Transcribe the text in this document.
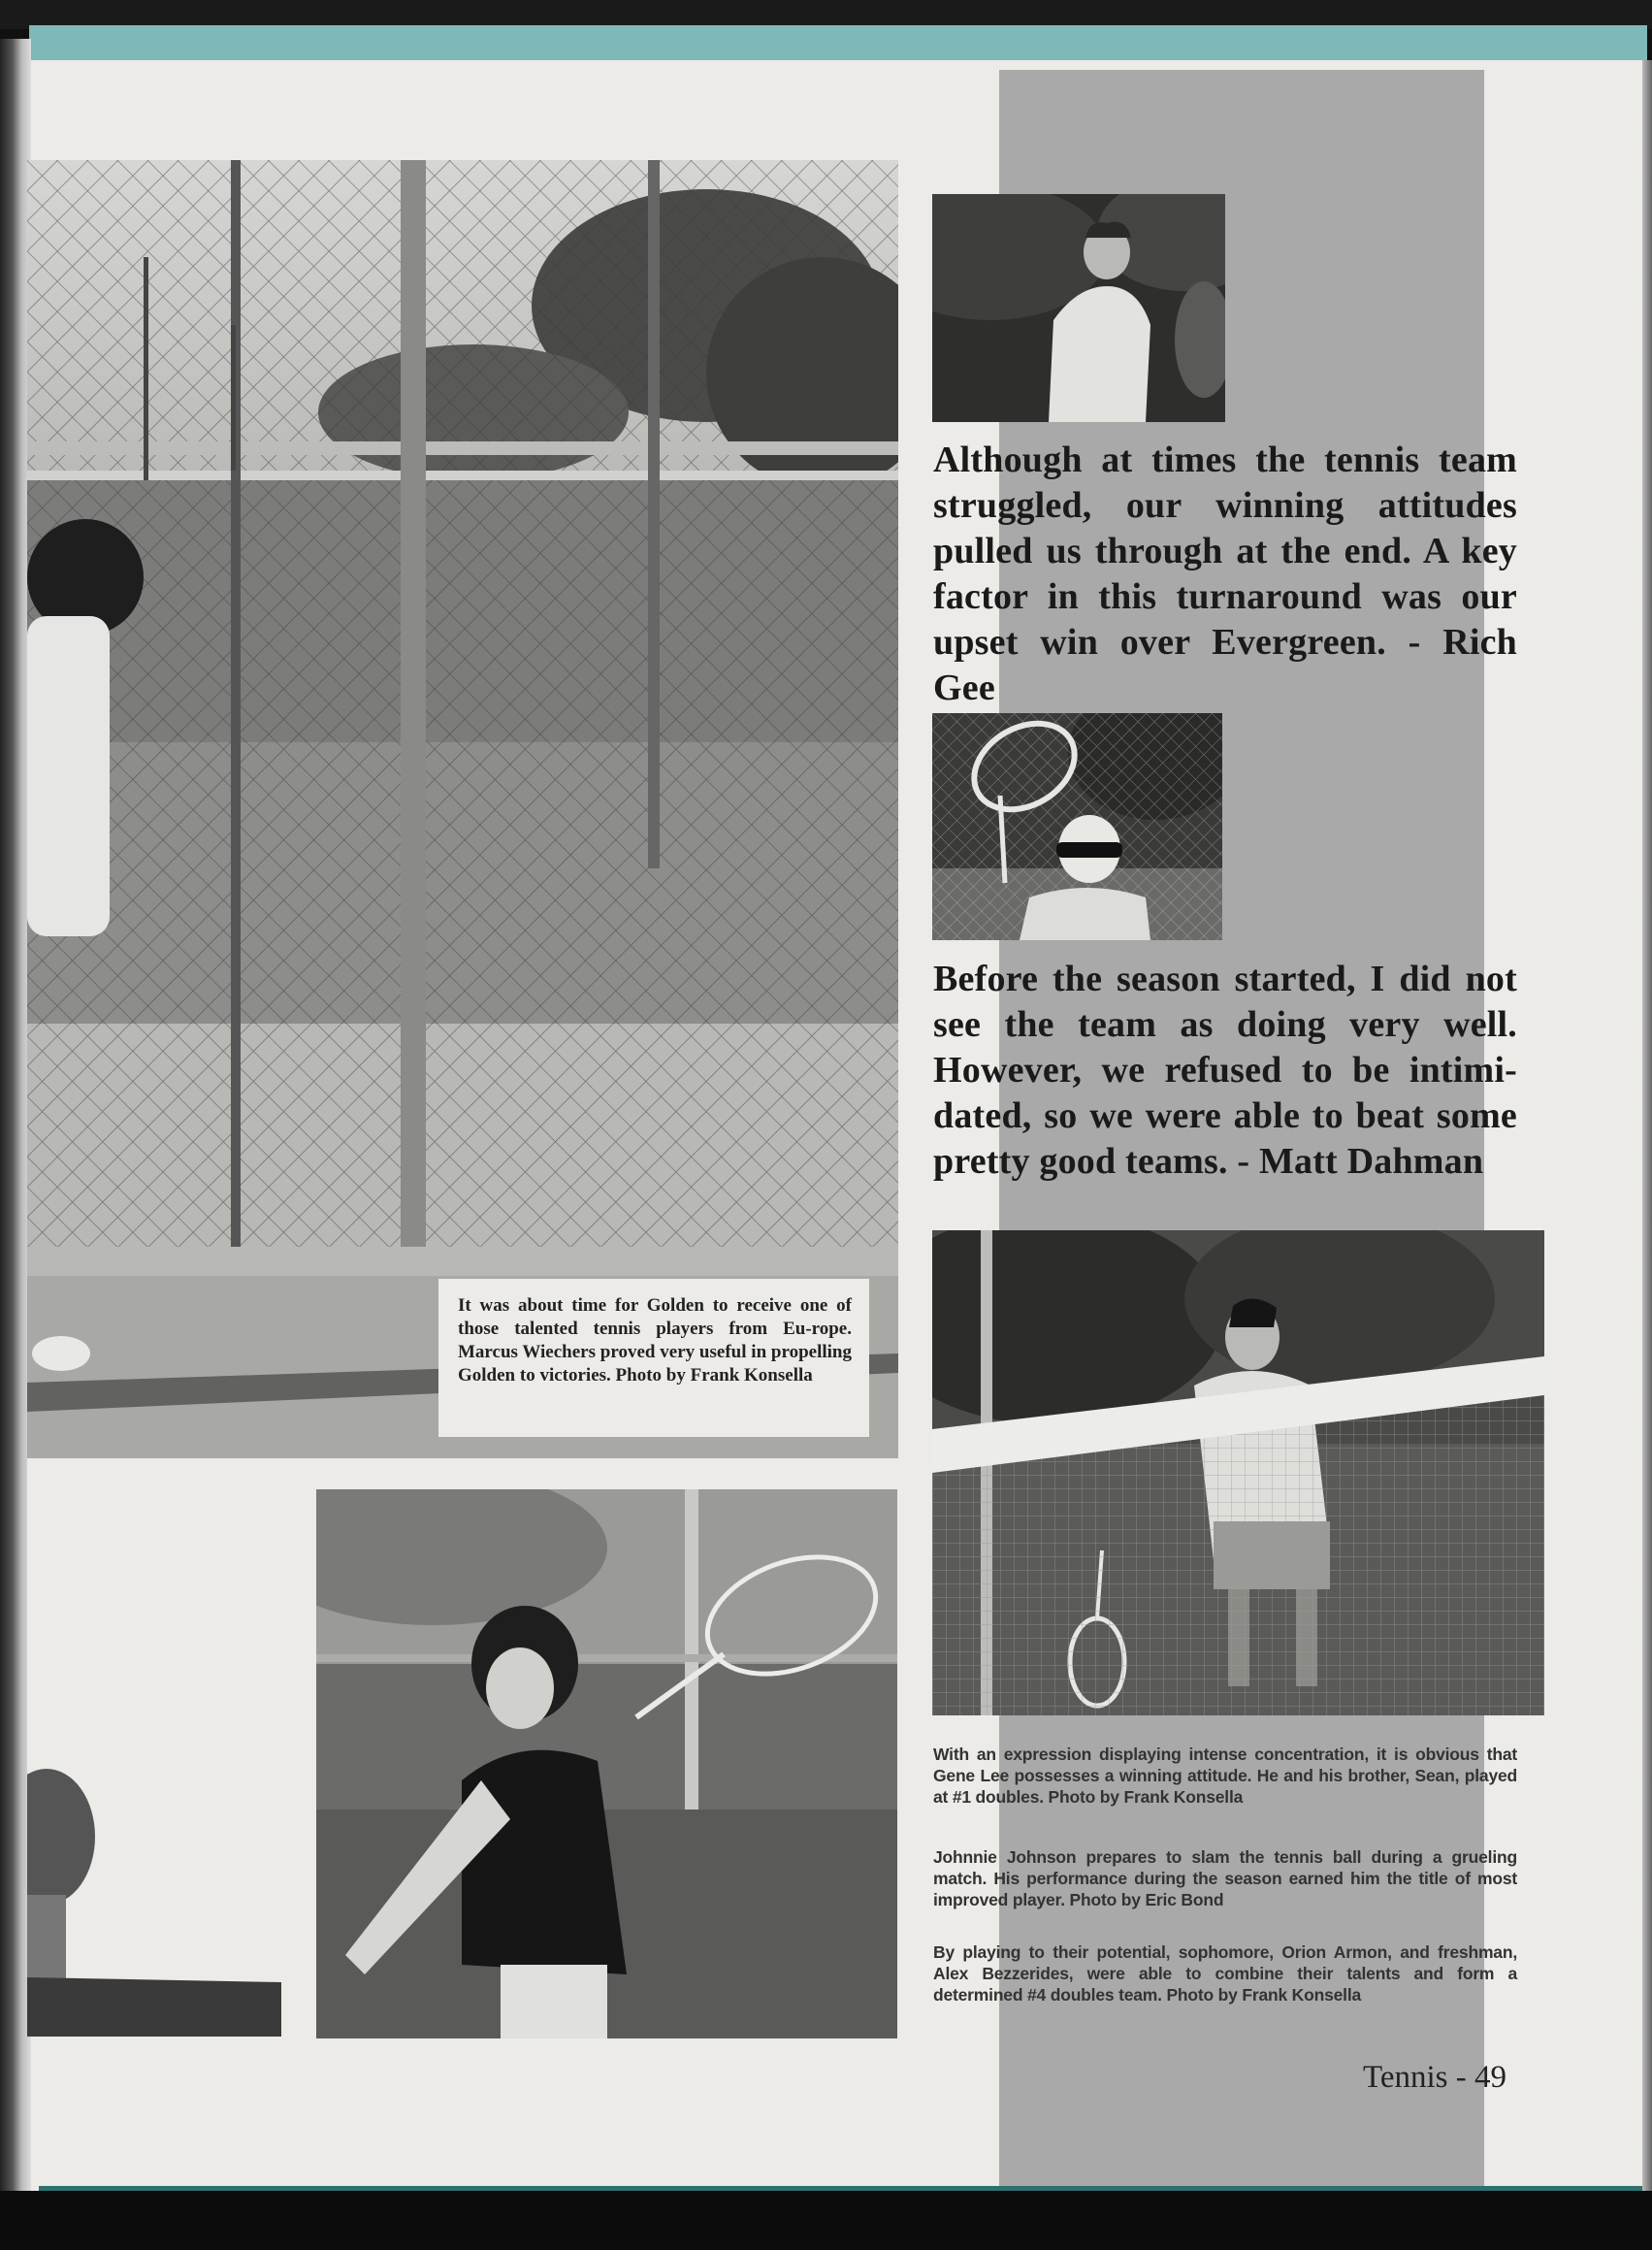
It was about time for Golden to receive one of those talented tennis players from Eu-rope. Marcus Wiechers proved very useful in propelling Golden to victories. Photo by Frank Konsella

Although at times the tennis team struggled, our winning attitudes pulled us through at the end. A key factor in this turnaround was our upset win over Evergreen. - Rich Gee
Before the season started, I did not see the team as doing very well. However, we refused to be intimi-dated, so we were able to beat some pretty good teams. - Matt Dahman

With an expression displaying intense concentration, it is obvious that Gene Lee possesses a winning attitude. He and his brother, Sean, played at #1 doubles. Photo by Frank Konsella

Johnnie Johnson prepares to slam the tennis ball during a grueling match. His performance during the season earned him the title of most improved player. Photo by Eric Bond

By playing to their potential, sophomore, Orion Armon, and freshman, Alex Bezzerides, were able to combine their talents and form a determined #4 doubles team. Photo by Frank Konsella

Tennis - 49
